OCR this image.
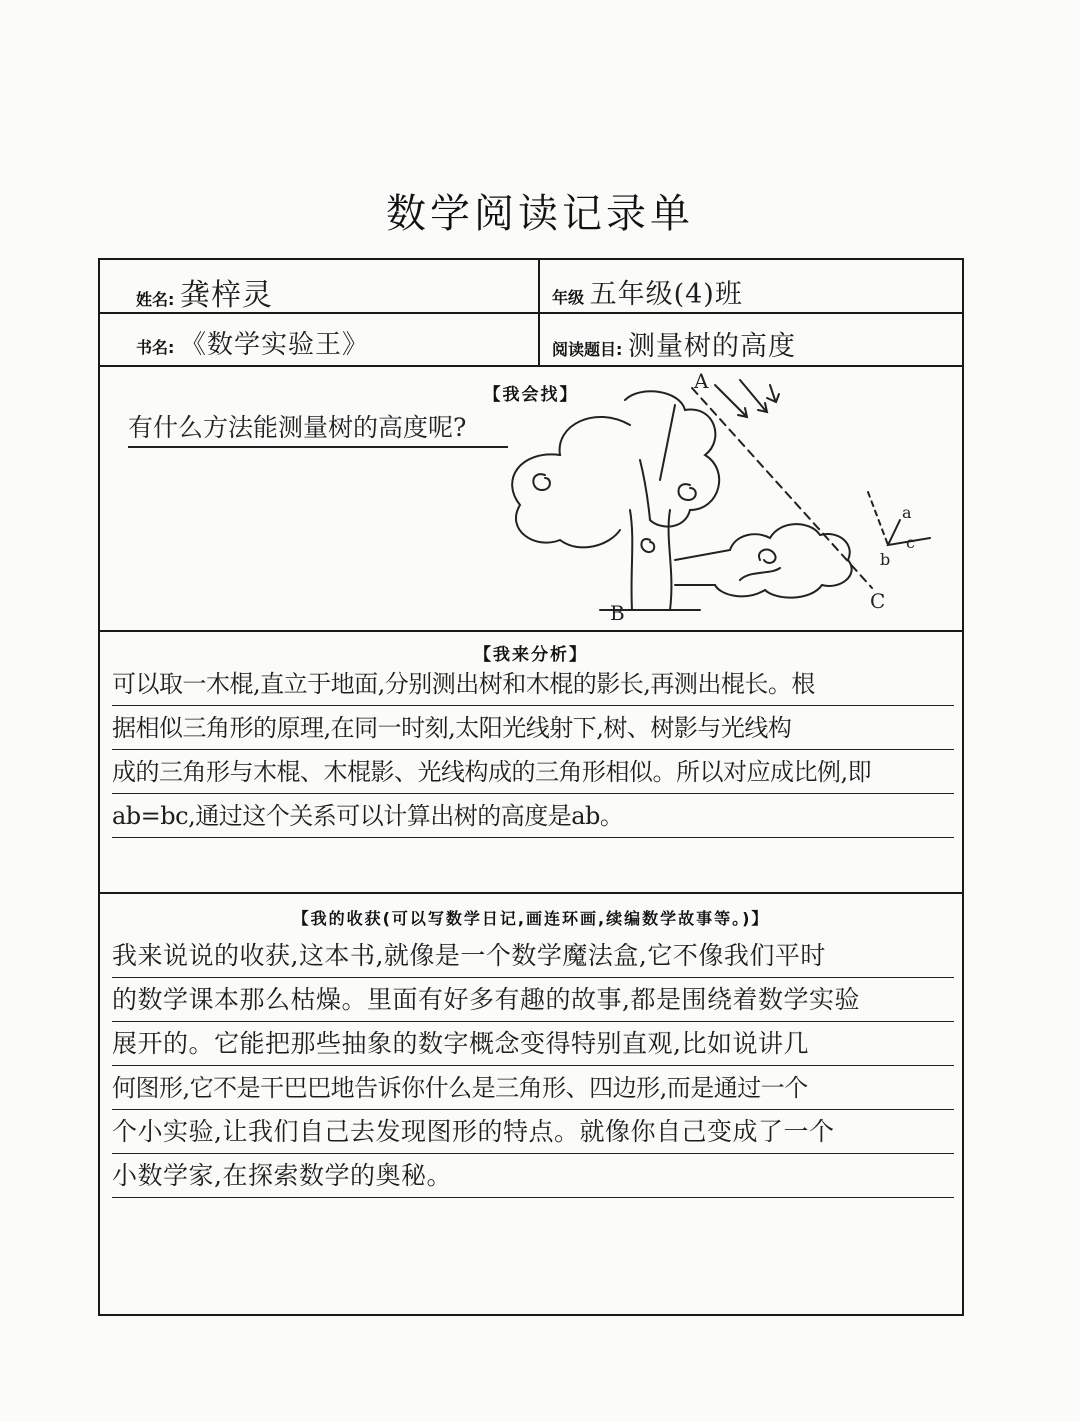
数学阅读记录单
姓名: 龚梓灵	年级 五年级(4)班
书名: 《数学实验王》	阅读题目: 测量树的高度
【我会找】
有什么方法能测量树的高度呢?
A
B	C
a
b
c
【我来分析】
可以取一木棍,直立于地面,分别测出树和木棍的影长,再测出棍长。根
据相似三角形的原理,在同一时刻,太阳光线射下,树、树影与光线构
成的三角形与木棍、木棍影、光线构成的三角形相似。所以对应成比例,即
ab=bc,通过这个关系可以计算出树的高度是ab。
【我的收获(可以写数学日记,画连环画,续编数学故事等。)】
我来说说的收获,这本书,就像是一个数学魔法盒,它不像我们平时
的数学课本那么枯燥。里面有好多有趣的故事,都是围绕着数学实验
展开的。它能把那些抽象的数字概念变得特别直观,比如说讲几
何图形,它不是干巴巴地告诉你什么是三角形、四边形,而是通过一个
个小实验,让我们自己去发现图形的特点。就像你自己变成了一个
小数学家,在探索数学的奥秘。
